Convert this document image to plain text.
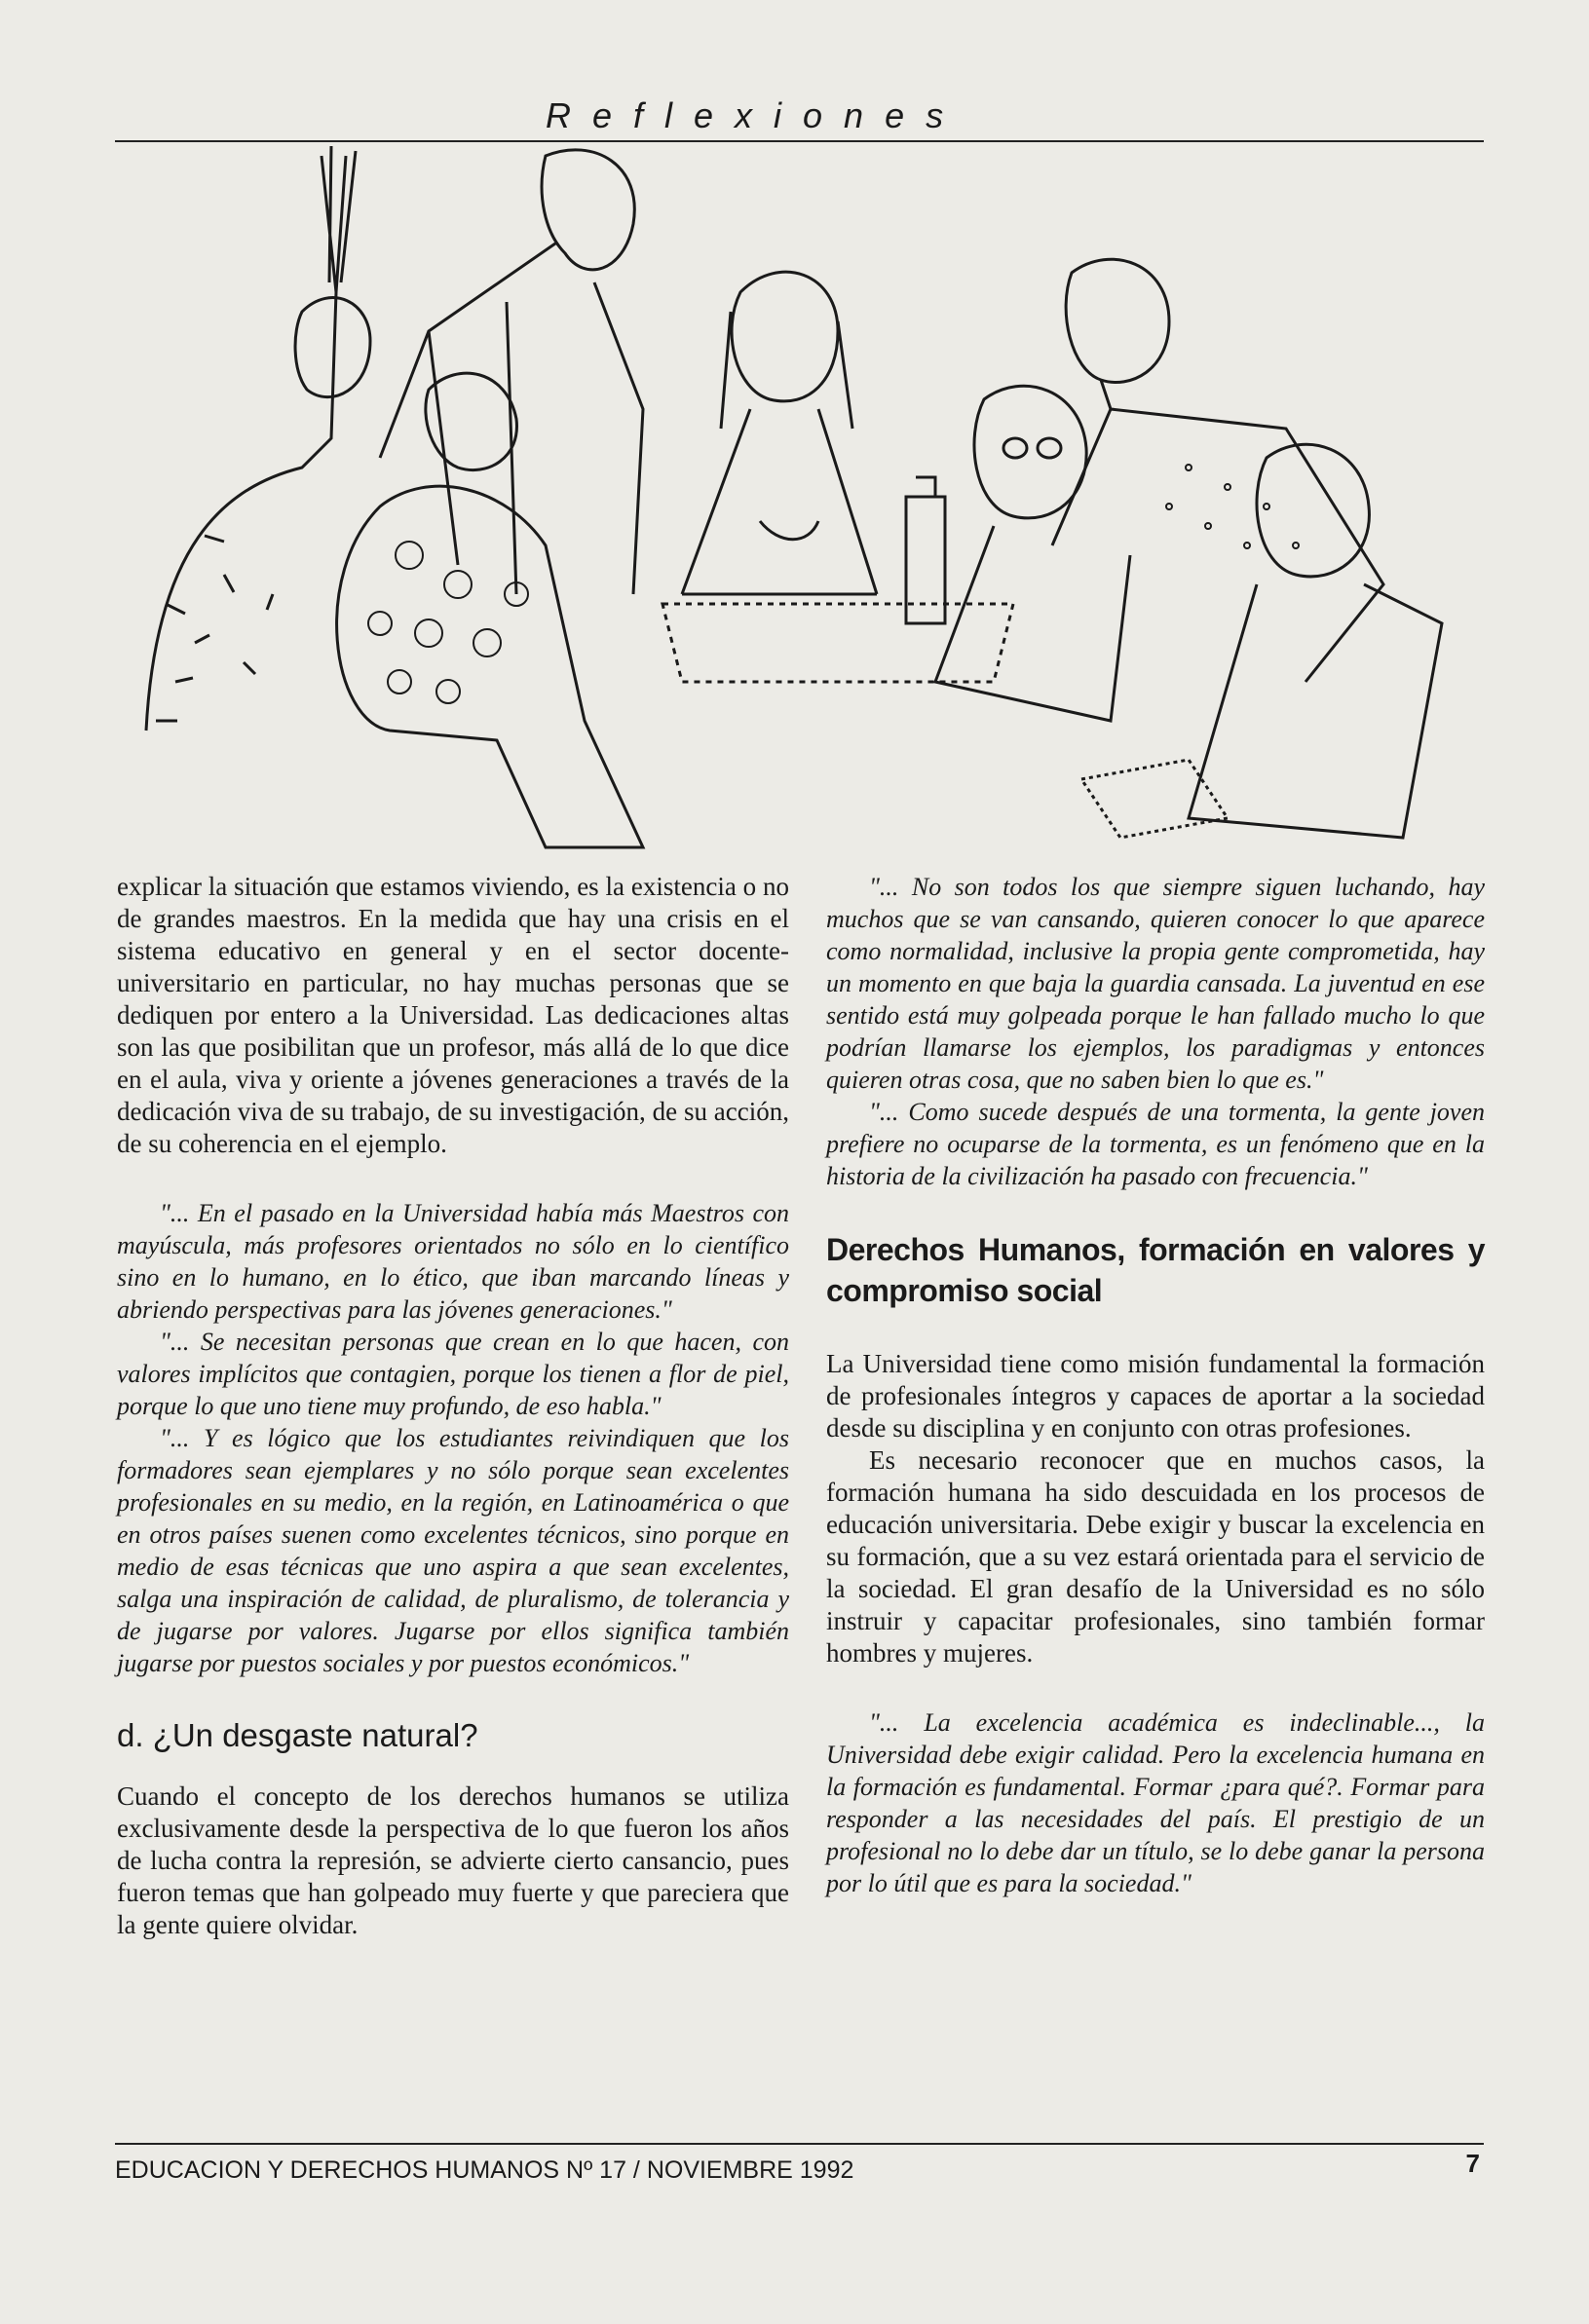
Reflexiones

explicar la situación que estamos viviendo, es la existencia o no de grandes maestros. En la medida que hay una crisis en el sistema educativo en general y en el sector docente-universitario en particular, no hay muchas personas que se dediquen por entero a la Universidad. Las dedicaciones altas son las que posibilitan que un profesor, más allá de lo que dice en el aula, viva y oriente a jóvenes generaciones a través de la dedicación viva de su trabajo, de su investigación, de su acción, de su coherencia en el ejemplo.

"... En el pasado en la Universidad había más Maestros con mayúscula, más profesores orientados no sólo en lo científico sino en lo humano, en lo ético, que iban marcando líneas y abriendo perspectivas para las jóvenes generaciones."

"... Se necesitan personas que crean en lo que hacen, con valores implícitos que contagien, porque los tienen a flor de piel, porque lo que uno tiene muy profundo, de eso habla."

"... Y es lógico que los estudiantes reivindiquen que los formadores sean ejemplares y no sólo porque sean excelentes profesionales en su medio, en la región, en Latinoamérica o que en otros países suenen como excelentes técnicos, sino porque en medio de esas técnicas que uno aspira a que sean excelentes, salga una inspiración de calidad, de pluralismo, de tolerancia y de jugarse por valores. Jugarse por ellos significa también jugarse por puestos sociales y por puestos económicos."

d. ¿Un desgaste natural?

Cuando el concepto de los derechos humanos se utiliza exclusivamente desde la perspectiva de lo que fueron los años de lucha contra la represión, se advierte cierto cansancio, pues fueron temas que han golpeado muy fuerte y que pareciera que la gente quiere olvidar.

"... No son todos los que siempre siguen luchando, hay muchos que se van cansando, quieren conocer lo que aparece como normalidad, inclusive la propia gente comprometida, hay un momento en que baja la guardia cansada. La juventud en ese sentido está muy golpeada porque le han fallado mucho lo que podrían llamarse los ejemplos, los paradigmas y entonces quieren otras cosa, que no saben bien lo que es."

"... Como sucede después de una tormenta, la gente joven prefiere no ocuparse de la tormenta, es un fenómeno que en la historia de la civilización ha pasado con frecuencia."

Derechos Humanos, formación en valores y compromiso social

La Universidad tiene como misión fundamental la formación de profesionales íntegros y capaces de aportar a la sociedad desde su disciplina y en conjunto con otras profesiones.

Es necesario reconocer que en muchos casos, la formación humana ha sido descuidada en los procesos de educación universitaria. Debe exigir y buscar la excelencia en su formación, que a su vez estará orientada para el servicio de la sociedad. El gran desafío de la Universidad es no sólo instruir y capacitar profesionales, sino también formar hombres y mujeres.

"... La excelencia académica es indeclinable..., la Universidad debe exigir calidad. Pero la excelencia humana en la formación es fundamental. Formar ¿para qué?. Formar para responder a las necesidades del país. El prestigio de un profesional no lo debe dar un título, se lo debe ganar la persona por lo útil que es para la sociedad."

EDUCACION Y DERECHOS HUMANOS Nº 17 / NOVIEMBRE 1992	7
